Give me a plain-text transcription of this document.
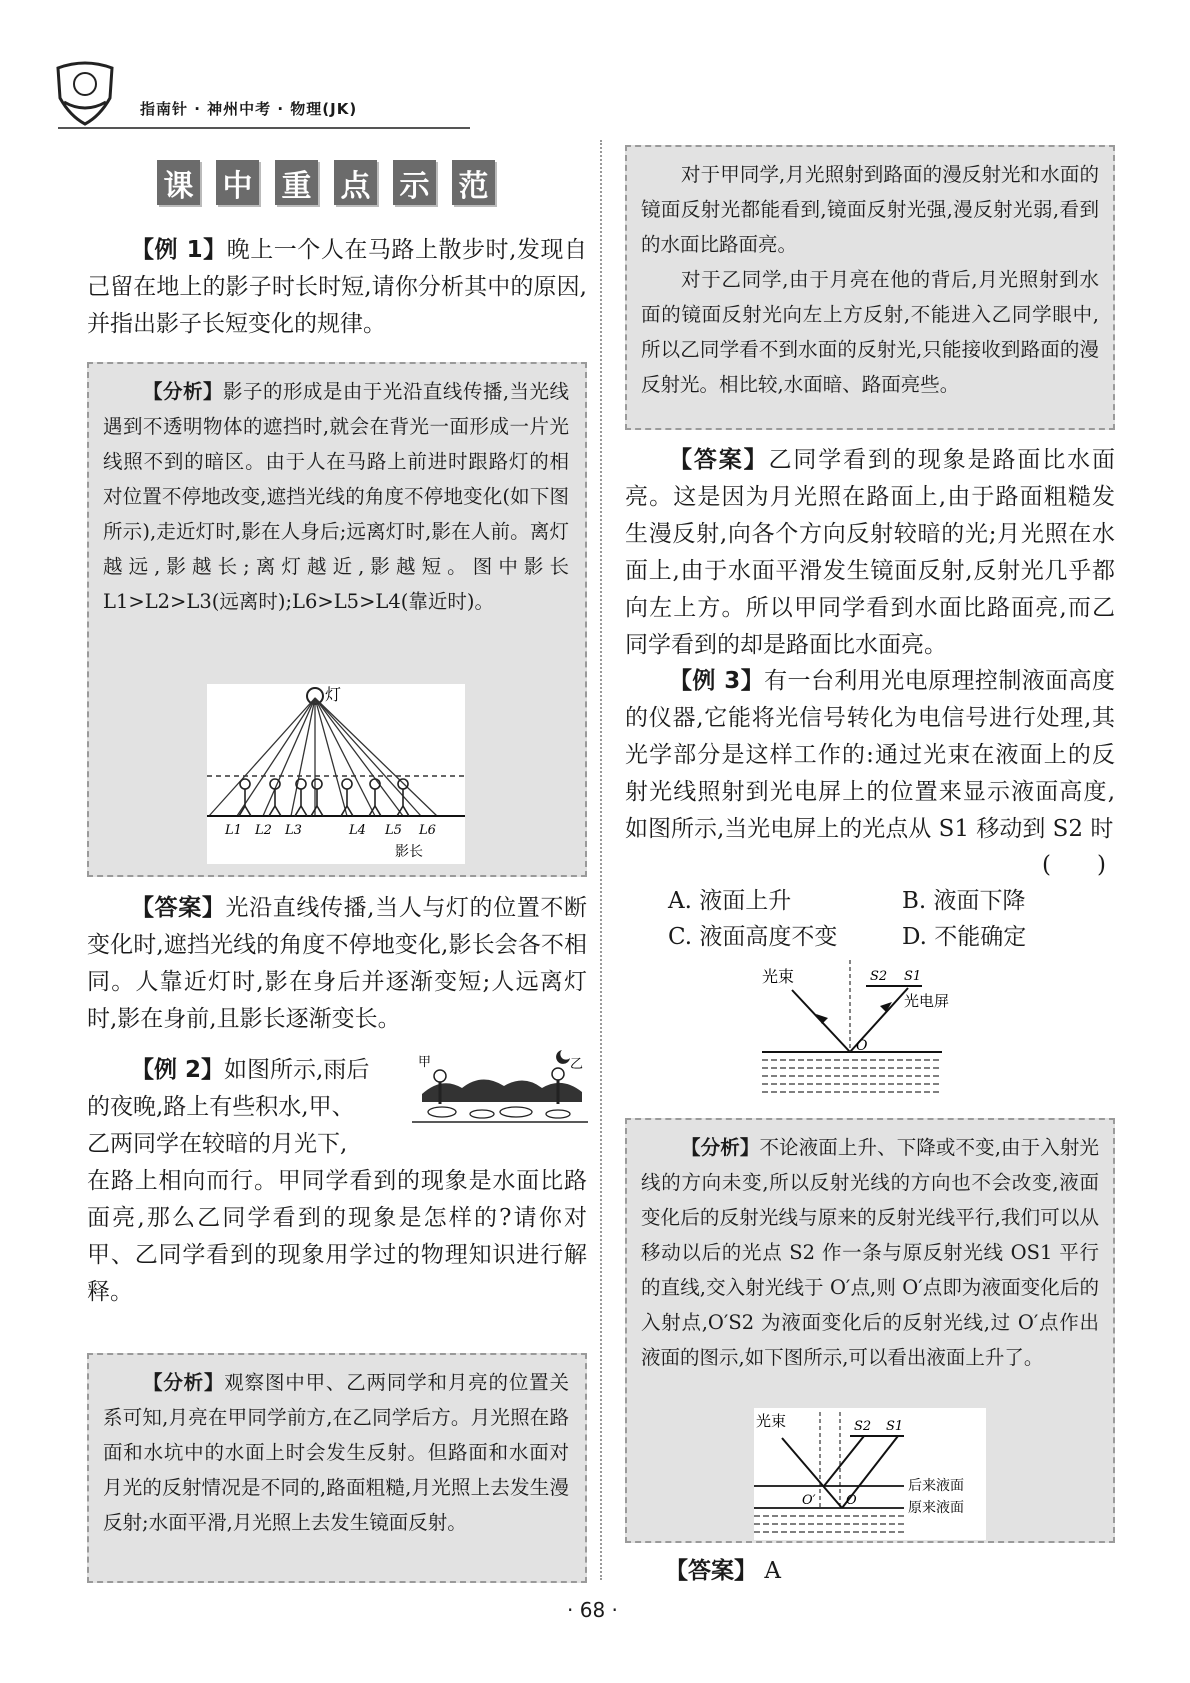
指南针 · 神州中考 · 物理(JK)
课 中 重 点 示 范
【例 1】晚上一个人在马路上散步时,发现自己留在地上的影子时长时短,请你分析其中的原因,并指出影子长短变化的规律。
【分析】影子的形成是由于光沿直线传播,当光线遇到不透明物体的遮挡时,就会在背光一面形成一片光线照不到的暗区。由于人在马路上前进时跟路灯的相对位置不停地改变,遮挡光线的角度不停地变化(如下图所示),走近灯时,影在人身后;远离灯时,影在人前。离灯越远,影越长;离灯越近,影越短。图中影长 L1>L2>L3(远离时);L6>L5>L4(靠近时)。
灯
L1 L2 L3	L4 L5 L6
影长
【答案】光沿直线传播,当人与灯的位置不断变化时,遮挡光线的角度不停地变化,影长会各不相同。人靠近灯时,影在身后并逐渐变短;人远离灯时,影在身前,且影长逐渐变长。
【例 2】如图所示,雨后
的夜晚,路上有些积水,甲、
乙两同学在较暗的月光下,
甲	乙
在路上相向而行。甲同学看到的现象是水面比路面亮,那么乙同学看到的现象是怎样的?请你对甲、乙同学看到的现象用学过的物理知识进行解释。
【分析】观察图中甲、乙两同学和月亮的位置关系可知,月亮在甲同学前方,在乙同学后方。月光照在路面和水坑中的水面上时会发生反射。但路面和水面对月光的反射情况是不同的,路面粗糙,月光照上去发生漫反射;水面平滑,月光照上去发生镜面反射。
对于甲同学,月光照射到路面的漫反射光和水面的镜面反射光都能看到,镜面反射光强,漫反射光弱,看到的水面比路面亮。
对于乙同学,由于月亮在他的背后,月光照射到水面的镜面反射光向左上方反射,不能进入乙同学眼中,所以乙同学看不到水面的反射光,只能接收到路面的漫反射光。相比较,水面暗、路面亮些。
【答案】乙同学看到的现象是路面比水面亮。这是因为月光照在路面上,由于路面粗糙发生漫反射,向各个方向反射较暗的光;月光照在水面上,由于水面平滑发生镜面反射,反射光几乎都向左上方。所以甲同学看到水面比路面亮,而乙同学看到的却是路面比水面亮。
【例 3】有一台利用光电原理控制液面高度的仪器,它能将光信号转化为电信号进行处理,其光学部分是这样工作的:通过光束在液面上的反射光线照射到光电屏上的位置来显示液面高度,如图所示,当光电屏上的光点从 S1 移动到 S2 时
(　　)
A. 液面上升	B. 液面下降
C. 液面高度不变	D. 不能确定
光束	S2 S1
光电屏
O
【分析】不论液面上升、下降或不变,由于入射光线的方向未变,所以反射光线的方向也不会改变,液面变化后的反射光线与原来的反射光线平行,我们可以从移动以后的光点 S2 作一条与原反射光线 OS1 平行的直线,交入射光线于 O′点,则 O′点即为液面变化后的入射点,O′S2 为液面变化后的反射光线,过 O′点作出液面的图示,如下图所示,可以看出液面上升了。
光束	S2 S1
O′ O
后来液面
原来液面
【答案】 A
· 68 ·
